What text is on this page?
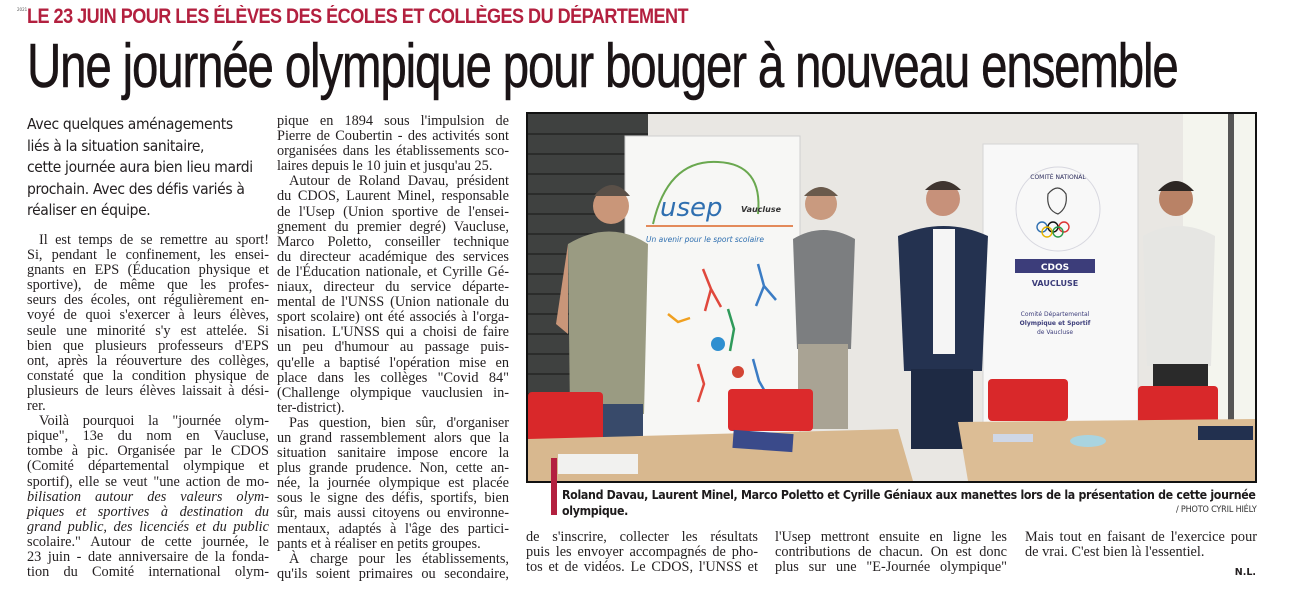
2021 LE 23 JUIN POUR LES ÉLÈVES DES ÉCOLES ET COLLÈGES DU DÉPARTEMENT
Une journée olympique pour bouger à nouveau ensemble
Avec quelques aménagements
liés à la situation sanitaire,
cette journée aura bien lieu mardi
prochain. Avec des défis variés à
réaliser en équipe.
Il est temps de se remettre au sport!
Si, pendant le confinement, les ensei-
gnants en EPS (Éducation physique et
sportive), de même que les profes-
seurs des écoles, ont régulièrement en-
voyé de quoi s'exercer à leurs élèves,
seule une minorité s'y est attelée. Si
bien que plusieurs professeurs d'EPS
ont, après la réouverture des collèges,
constaté que la condition physique de
plusieurs de leurs élèves laissait à dési-
rer.
Voilà pourquoi la "journée olym-
pique", 13e du nom en Vaucluse,
tombe à pic. Organisée par le CDOS
(Comité départemental olympique et
sportif), elle se veut "une action de mo-
bilisation autour des valeurs olym-
piques et sportives à destination du
grand public, des licenciés et du public
scolaire." Autour de cette journée, le
23 juin - date anniversaire de la fonda-
tion du Comité international olym-
pique en 1894 sous l'impulsion de
Pierre de Coubertin - des activités sont
organisées dans les établissements sco-
laires depuis le 10 juin et jusqu'au 25.
Autour de Roland Davau, président
du CDOS, Laurent Minel, responsable
de l'Usep (Union sportive de l'ensei-
gnement du premier degré) Vaucluse,
Marco Poletto, conseiller technique
du directeur académique des services
de l'Éducation nationale, et Cyrille Gé-
niaux, directeur du service départe-
mental de l'UNSS (Union nationale du
sport scolaire) ont été associés à l'orga-
nisation. L'UNSS qui a choisi de faire
un peu d'humour au passage puis-
qu'elle a baptisé l'opération mise en
place dans les collèges "Covid 84"
(Challenge olympique vauclusien in-
ter-district).
Pas question, bien sûr, d'organiser
un grand rassemblement alors que la
situation sanitaire impose encore la
plus grande prudence. Non, cette an-
née, la journée olympique est placée
sous le signe des défis, sportifs, bien
sûr, mais aussi citoyens ou environne-
mentaux, adaptés à l'âge des partici-
pants et à réaliser en petits groupes.
À charge pour les établissements,
qu'ils soient primaires ou secondaire,
usep Vaucluse
Un avenir pour le sport scolaire
COMITÉ NATIONAL
CDOS
VAUCLUSE
Comité Départemental
Olympique et Sportif
de Vaucluse
Roland Davau, Laurent Minel, Marco Poletto et Cyrille Géniaux aux manettes lors de la présentation de cette journée
olympique.	/ PHOTO CYRIL HIÉLY
de s'inscrire, collecter les résultats
puis les envoyer accompagnés de pho-
tos et de vidéos. Le CDOS, l'UNSS et
l'Usep mettront ensuite en ligne les
contributions de chacun. On est donc
plus sur une "E-Journée olympique"
Mais tout en faisant de l'exercice pour
de vrai. C'est bien là l'essentiel.
N.L.
